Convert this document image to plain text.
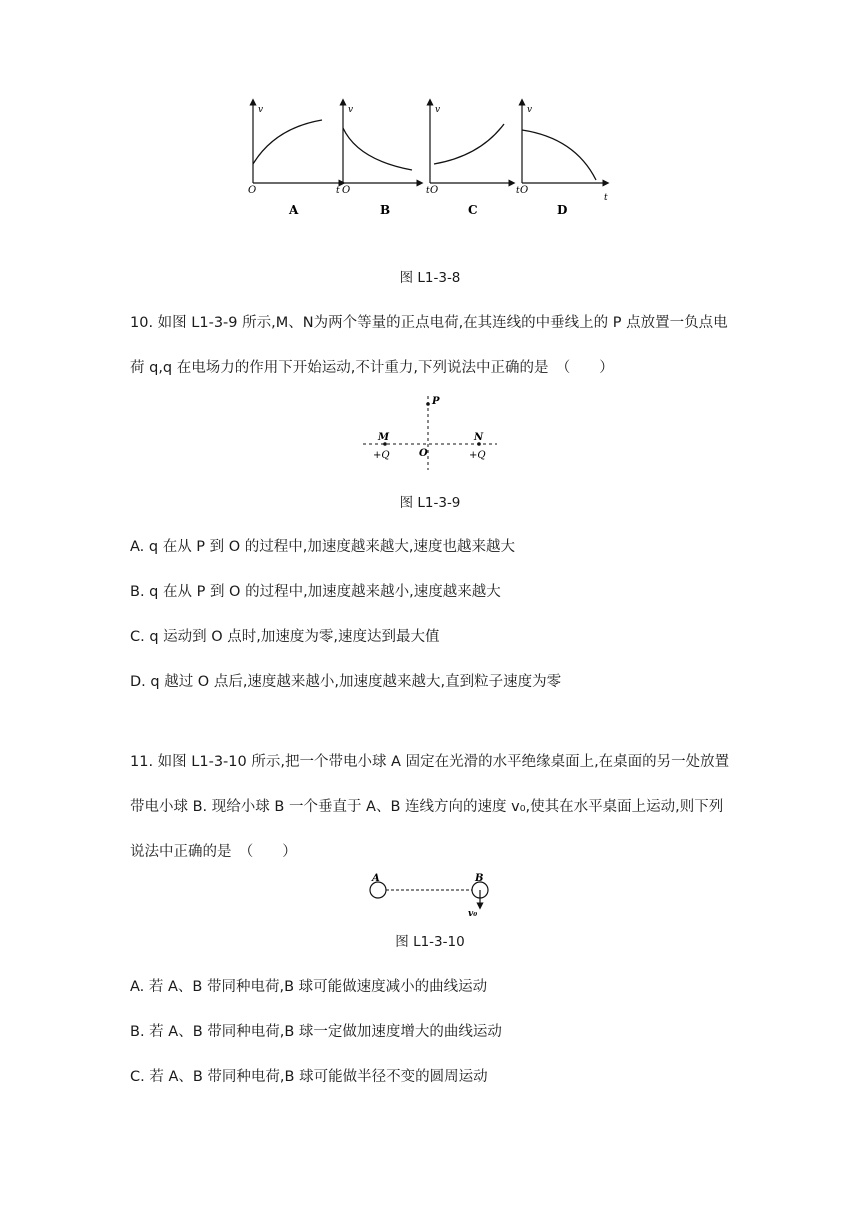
v
O	t
A
v
O	t
B
v
O	t
C
v
O
t
D
图 L1-3-8
10. 如图 L1-3-9 所示,M、N为两个等量的正点电荷,在其连线的中垂线上的 P 点放置一负点电
荷 q,q 在电场力的作用下开始运动,不计重力,下列说法中正确的是　（　　）
P
M
+Q
N
+Q
O
图 L1-3-9
A. q 在从 P 到 O 的过程中,加速度越来越大,速度也越来越大
B. q 在从 P 到 O 的过程中,加速度越来越小,速度越来越大
C. q 运动到 O 点时,加速度为零,速度达到最大值
D. q 越过 O 点后,速度越来越小,加速度越来越大,直到粒子速度为零
11. 如图 L1-3-10 所示,把一个带电小球 A 固定在光滑的水平绝缘桌面上,在桌面的另一处放置
带电小球 B. 现给小球 B 一个垂直于 A、B 连线方向的速度 v₀,使其在水平桌面上运动,则下列
说法中正确的是　（　　）
A	B
v₀
图 L1-3-10
A. 若 A、B 带同种电荷,B 球可能做速度减小的曲线运动
B. 若 A、B 带同种电荷,B 球一定做加速度增大的曲线运动
C. 若 A、B 带同种电荷,B 球可能做半径不变的圆周运动
